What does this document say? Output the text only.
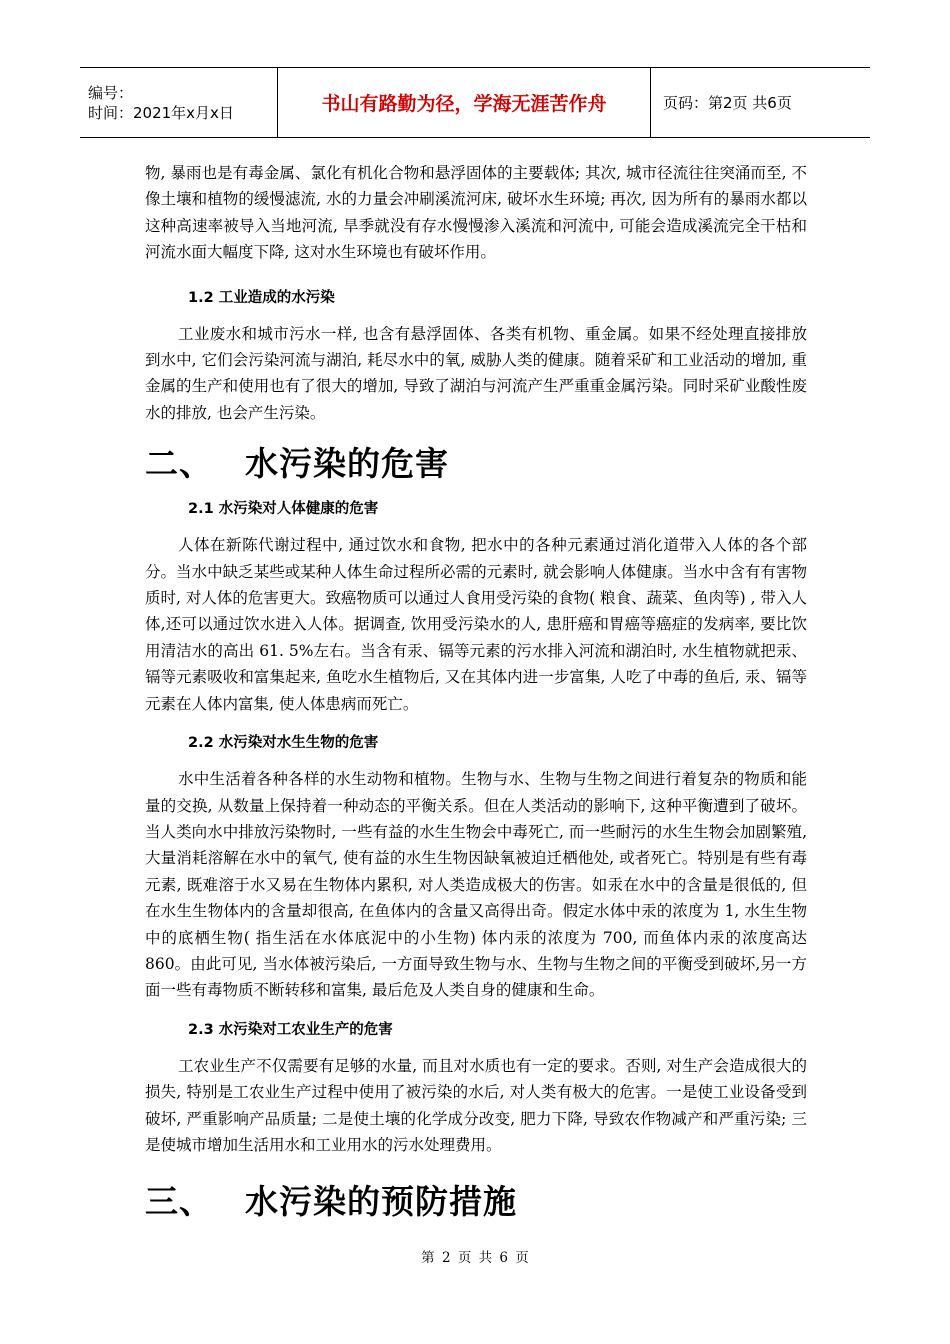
编号：
时间：2021年x月x日	书山有路勤为径，学海无涯苦作舟	页码：第2页 共6页

物, 暴雨也是有毒金属、氯化有机化合物和悬浮固体的主要载体; 其次, 城市径流往往突涌而至, 不像土壤和植物的缓慢滤流, 水的力量会冲刷溪流河床, 破坏水生环境; 再次, 因为所有的暴雨水都以这种高速率被导入当地河流, 旱季就没有存水慢慢渗入溪流和河流中, 可能会造成溪流完全干枯和河流水面大幅度下降, 这对水生环境也有破坏作用。

1.2 工业造成的水污染

工业废水和城市污水一样, 也含有悬浮固体、各类有机物、重金属。如果不经处理直接排放到水中, 它们会污染河流与湖泊, 耗尽水中的氧, 威胁人类的健康。随着采矿和工业活动的增加, 重金属的生产和使用也有了很大的增加, 导致了湖泊与河流产生严重重金属污染。同时采矿业酸性废水的排放, 也会产生污染。

二、 水污染的危害
2.1 水污染对人体健康的危害

人体在新陈代谢过程中, 通过饮水和食物, 把水中的各种元素通过消化道带入人体的各个部分。当水中缺乏某些或某种人体生命过程所必需的元素时, 就会影响人体健康。当水中含有有害物质时, 对人体的危害更大。致癌物质可以通过人食用受污染的食物( 粮食、蔬菜、鱼肉等) , 带入人体,还可以通过饮水进入人体。据调查, 饮用受污染水的人, 患肝癌和胃癌等癌症的发病率, 要比饮用清洁水的高出 61. 5%左右。当含有汞、镉等元素的污水排入河流和湖泊时, 水生植物就把汞、镉等元素吸收和富集起来, 鱼吃水生植物后, 又在其体内进一步富集, 人吃了中毒的鱼后, 汞、镉等元素在人体内富集, 使人体患病而死亡。

2.2 水污染对水生生物的危害

水中生活着各种各样的水生动物和植物。生物与水、生物与生物之间进行着复杂的物质和能量的交换, 从数量上保持着一种动态的平衡关系。但在人类活动的影响下, 这种平衡遭到了破坏。当人类向水中排放污染物时, 一些有益的水生生物会中毒死亡, 而一些耐污的水生生物会加剧繁殖, 大量消耗溶解在水中的氧气, 使有益的水生生物因缺氧被迫迁栖他处, 或者死亡。特别是有些有毒元素, 既难溶于水又易在生物体内累积, 对人类造成极大的伤害。如汞在水中的含量是很低的, 但在水生生物体内的含量却很高, 在鱼体内的含量又高得出奇。假定水体中汞的浓度为 1, 水生生物中的底栖生物( 指生活在水体底泥中的小生物) 体内汞的浓度为 700, 而鱼体内汞的浓度高达 860。由此可见, 当水体被污染后, 一方面导致生物与水、生物与生物之间的平衡受到破坏,另一方面一些有毒物质不断转移和富集, 最后危及人类自身的健康和生命。

2.3 水污染对工农业生产的危害

工农业生产不仅需要有足够的水量, 而且对水质也有一定的要求。否则, 对生产会造成很大的损失, 特别是工农业生产过程中使用了被污染的水后, 对人类有极大的危害。一是使工业设备受到破坏, 严重影响产品质量; 二是使土壤的化学成分改变, 肥力下降, 导致农作物减产和严重污染; 三是使城市增加生活用水和工业用水的污水处理费用。

三、 水污染的预防措施
第 2 页 共 6 页
